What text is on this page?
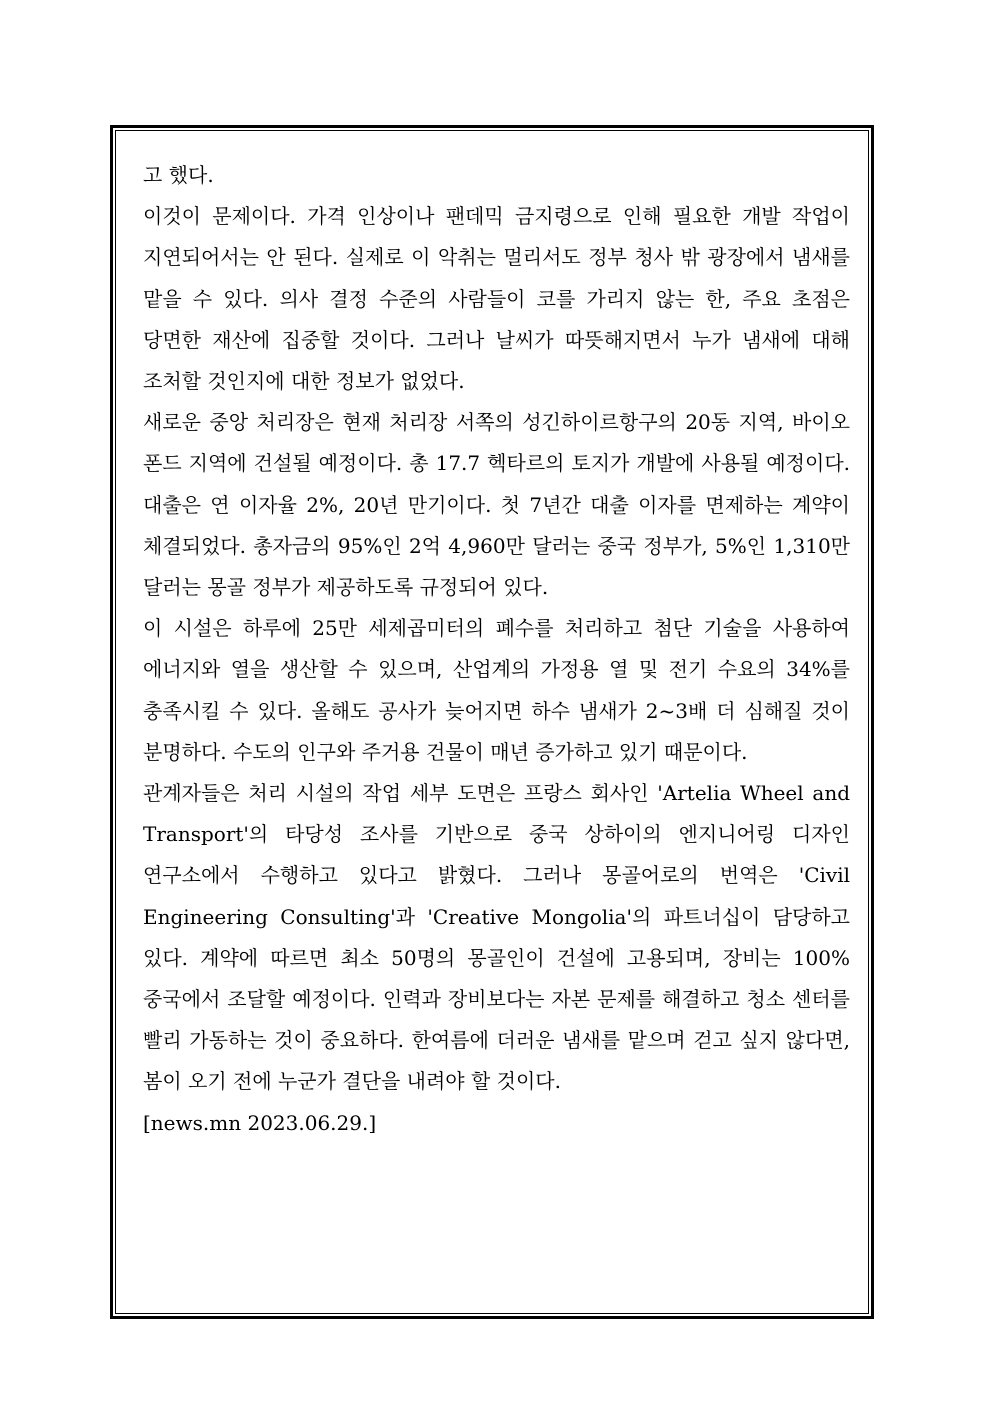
고 했다.

이것이 문제이다. 가격 인상이나 팬데믹 금지령으로 인해 필요한 개발 작업이 지연되어서는 안 된다. 실제로 이 악취는 멀리서도 정부 청사 밖 광장에서 냄새를 맡을 수 있다. 의사 결정 수준의 사람들이 코를 가리지 않는 한, 주요 초점은 당면한 재산에 집중할 것이다. 그러나 날씨가 따뜻해지면서 누가 냄새에 대해 조처할 것인지에 대한 정보가 없었다.

새로운 중앙 처리장은 현재 처리장 서쪽의 성긴하이르항구의 20동 지역, 바이오 폰드 지역에 건설될 예정이다. 총 17.7 헥타르의 토지가 개발에 사용될 예정이다. 대출은 연 이자율 2%, 20년 만기이다. 첫 7년간 대출 이자를 면제하는 계약이 체결되었다. 총자금의 95%인 2억 4,960만 달러는 중국 정부가, 5%인 1,310만 달러는 몽골 정부가 제공하도록 규정되어 있다.

이 시설은 하루에 25만 세제곱미터의 폐수를 처리하고 첨단 기술을 사용하여 에너지와 열을 생산할 수 있으며, 산업계의 가정용 열 및 전기 수요의 34%를 충족시킬 수 있다. 올해도 공사가 늦어지면 하수 냄새가 2~3배 더 심해질 것이 분명하다. 수도의 인구와 주거용 건물이 매년 증가하고 있기 때문이다.

관계자들은 처리 시설의 작업 세부 도면은 프랑스 회사인 'Artelia Wheel and Transport'의 타당성 조사를 기반으로 중국 상하이의 엔지니어링 디자인 연구소에서 수행하고 있다고 밝혔다. 그러나 몽골어로의 번역은 'Civil Engineering Consulting'과 'Creative Mongolia'의 파트너십이 담당하고 있다. 계약에 따르면 최소 50명의 몽골인이 건설에 고용되며, 장비는 100% 중국에서 조달할 예정이다. 인력과 장비보다는 자본 문제를 해결하고 청소 센터를 빨리 가동하는 것이 중요하다. 한여름에 더러운 냄새를 맡으며 걷고 싶지 않다면, 봄이 오기 전에 누군가 결단을 내려야 할 것이다.

[news.mn 2023.06.29.]
